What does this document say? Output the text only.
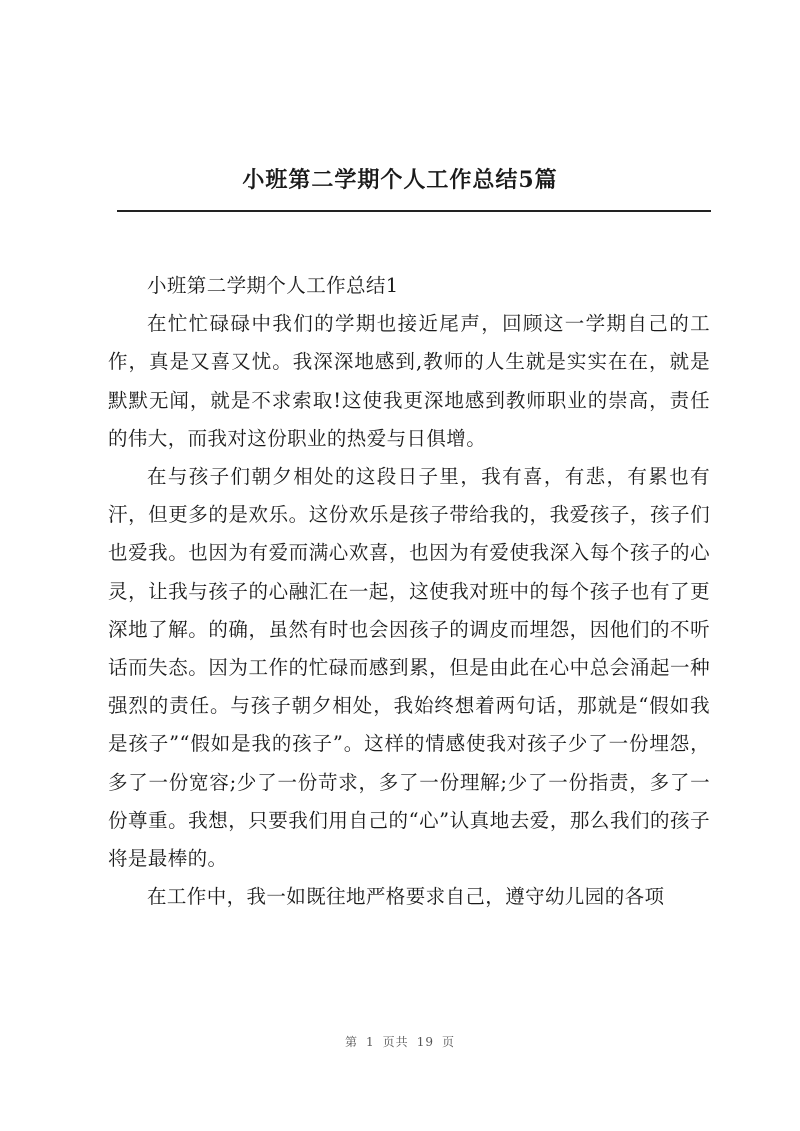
小班第二学期个人工作总结5篇

小班第二学期个人工作总结1

在忙忙碌碌中我们的学期也接近尾声，回顾这一学期自己的工作，真是又喜又忧。我深深地感到,教师的人生就是实实在在，就是默默无闻，就是不求索取!这使我更深地感到教师职业的崇高，责任的伟大，而我对这份职业的热爱与日俱增。

在与孩子们朝夕相处的这段日子里，我有喜，有悲，有累也有汗，但更多的是欢乐。这份欢乐是孩子带给我的，我爱孩子，孩子们也爱我。也因为有爱而满心欢喜，也因为有爱使我深入每个孩子的心灵，让我与孩子的心融汇在一起，这使我对班中的每个孩子也有了更深地了解。的确，虽然有时也会因孩子的调皮而埋怨，因他们的不听话而失态。因为工作的忙碌而感到累，但是由此在心中总会涌起一种强烈的责任。与孩子朝夕相处，我始终想着两句话，那就是“假如我是孩子”“假如是我的孩子”。这样的情感使我对孩子少了一份埋怨，多了一份宽容;少了一份苛求，多了一份理解;少了一份指责，多了一份尊重。我想，只要我们用自己的“心”认真地去爱，那么我们的孩子将是最棒的。

在工作中，我一如既往地严格要求自己，遵守幼儿园的各项

第 1 页共 19 页
